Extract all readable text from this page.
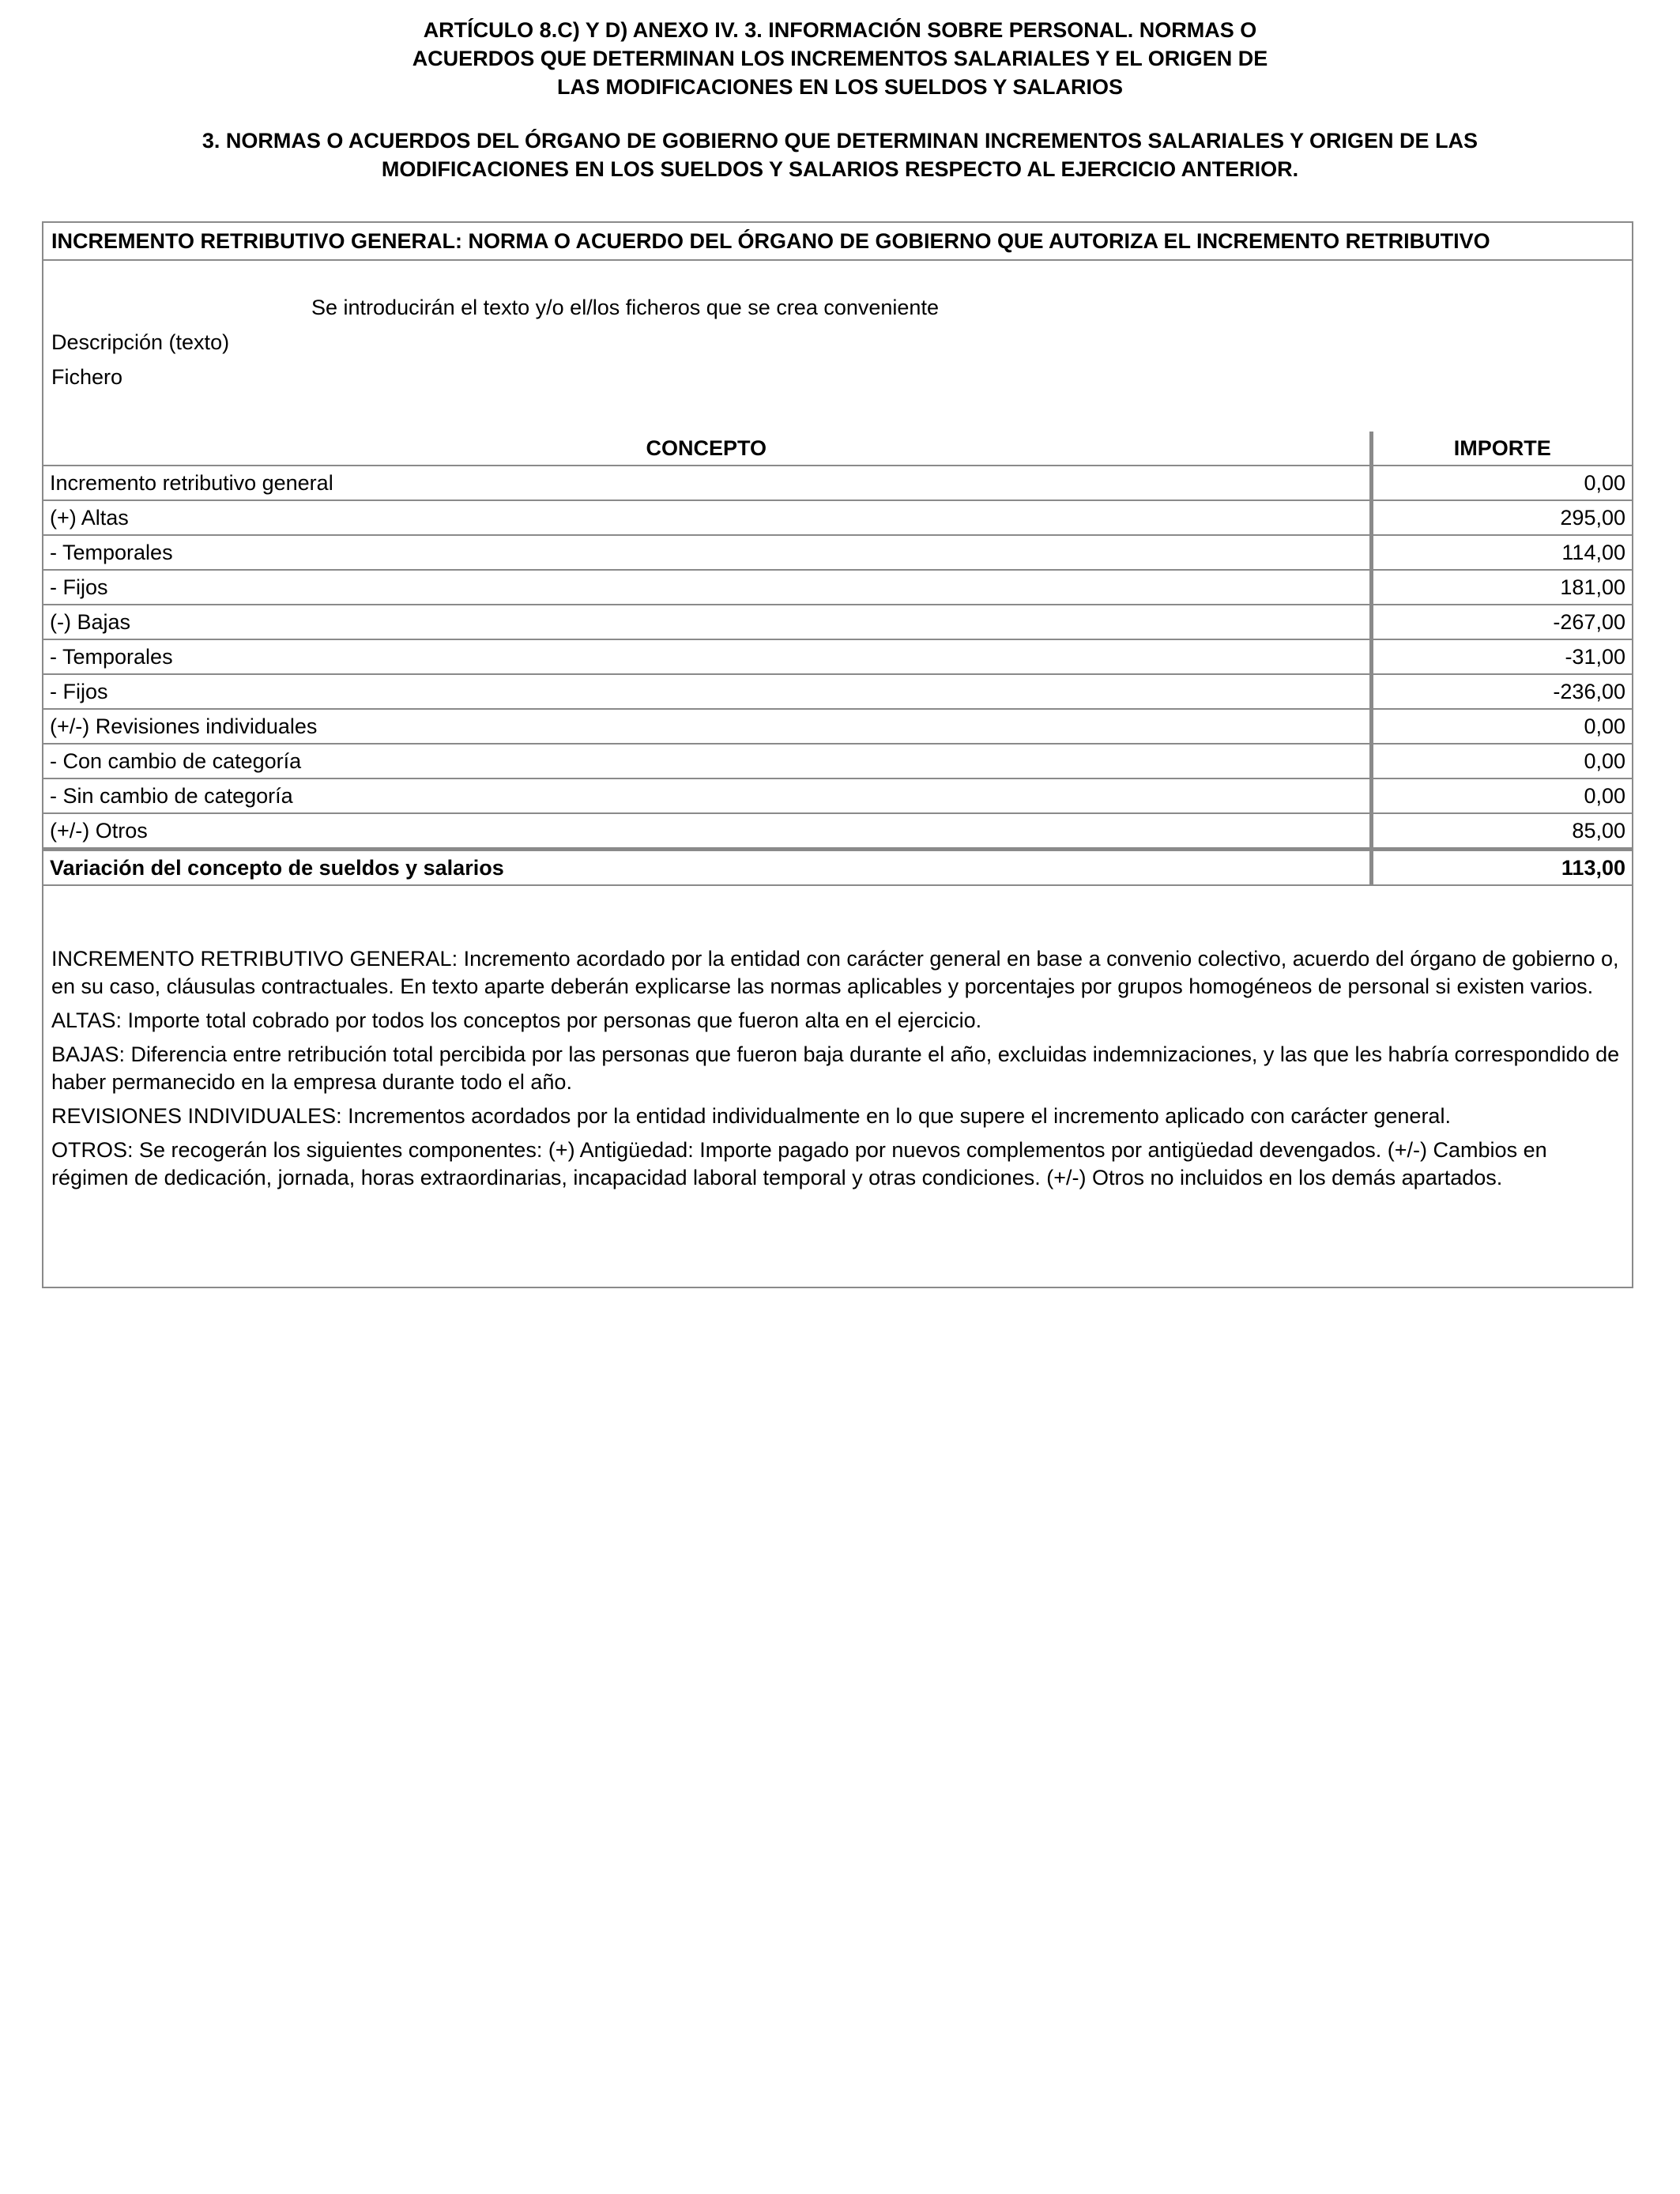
ARTÍCULO 8.C) Y D) ANEXO IV. 3. INFORMACIÓN SOBRE PERSONAL. NORMAS O
ACUERDOS QUE DETERMINAN LOS INCREMENTOS SALARIALES Y EL ORIGEN DE
LAS MODIFICACIONES EN LOS SUELDOS Y SALARIOS
3. NORMAS O ACUERDOS DEL ÓRGANO DE GOBIERNO QUE DETERMINAN INCREMENTOS SALARIALES Y ORIGEN DE LAS
MODIFICACIONES EN LOS SUELDOS Y SALARIOS RESPECTO AL EJERCICIO ANTERIOR.
INCREMENTO RETRIBUTIVO GENERAL: NORMA O ACUERDO DEL ÓRGANO DE GOBIERNO QUE AUTORIZA EL INCREMENTO RETRIBUTIVO
Se introducirán el texto y/o el/los ficheros que se crea conveniente
Descripción (texto)
Fichero
CONCEPTO	IMPORTE
Incremento retributivo general	0,00
(+) Altas	295,00
- Temporales	114,00
- Fijos	181,00
(-) Bajas	-267,00
- Temporales	-31,00
- Fijos	-236,00
(+/-) Revisiones individuales	0,00
- Con cambio de categoría	0,00
- Sin cambio de categoría	0,00
(+/-) Otros	85,00
Variación del concepto de sueldos y salarios	113,00

INCREMENTO RETRIBUTIVO GENERAL: Incremento acordado por la entidad con carácter general en base a convenio colectivo, acuerdo del órgano de gobierno o, en su caso, cláusulas contractuales. En texto aparte deberán explicarse las normas aplicables y porcentajes por grupos homogéneos de personal si existen varios.

ALTAS: Importe total cobrado por todos los conceptos por personas que fueron alta en el ejercicio.

BAJAS: Diferencia entre retribución total percibida por las personas que fueron baja durante el año, excluidas indemnizaciones, y las que les habría correspondido de haber permanecido en la empresa durante todo el año.

REVISIONES INDIVIDUALES: Incrementos acordados por la entidad individualmente en lo que supere el incremento aplicado con carácter general.

OTROS: Se recogerán los siguientes componentes: (+) Antigüedad: Importe pagado por nuevos complementos por antigüedad devengados. (+/-) Cambios en régimen de dedicación, jornada, horas extraordinarias, incapacidad laboral temporal y otras condiciones. (+/-) Otros no incluidos en los demás apartados.
